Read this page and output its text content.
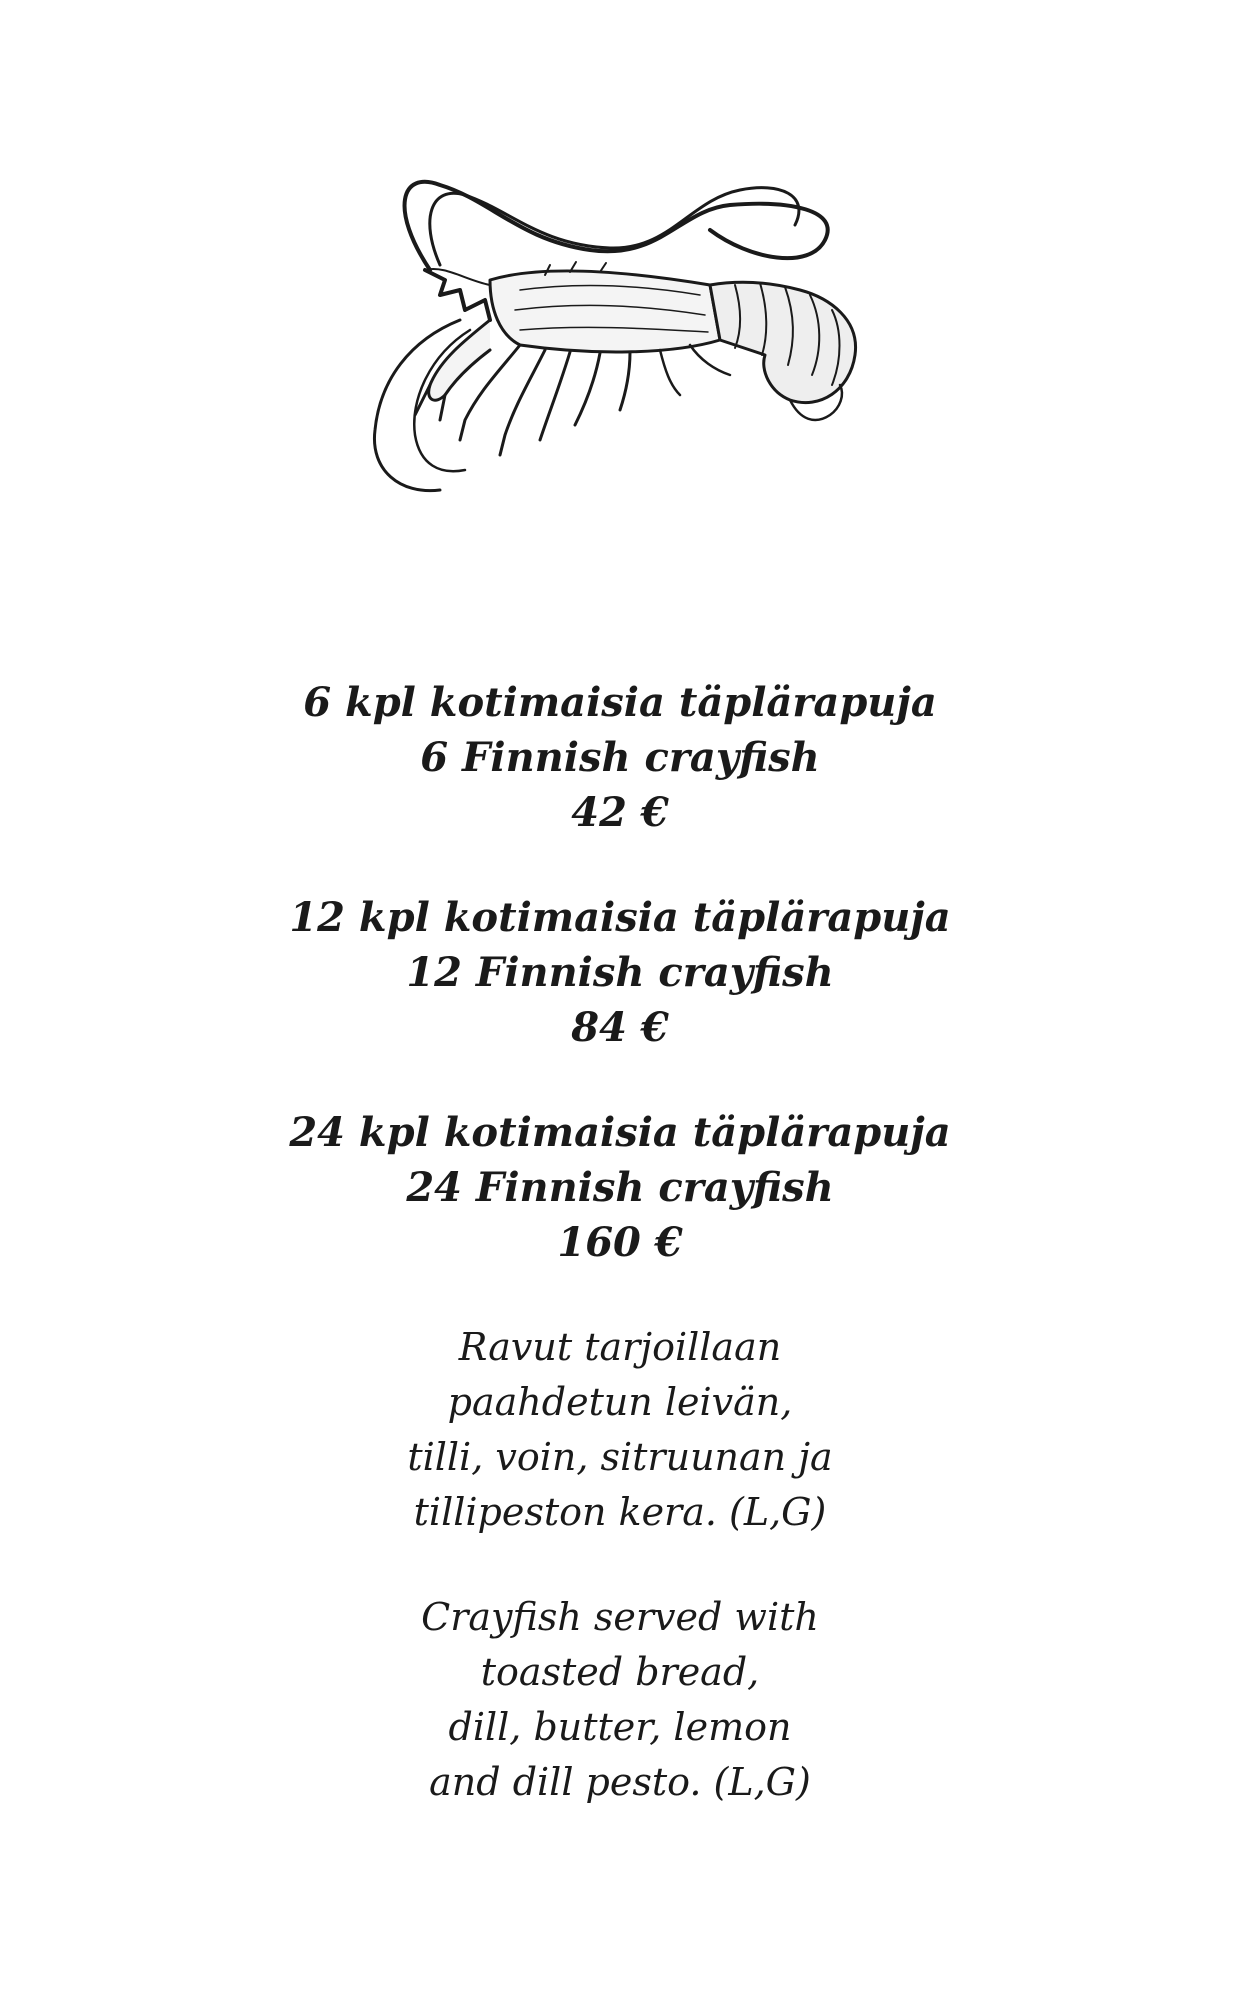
6 kpl kotimaisia täplärapuja
6 Finnish crayfish
42 €
12 kpl kotimaisia täplärapuja
12 Finnish crayfish
84 €
24 kpl kotimaisia täplärapuja
24 Finnish crayfish
160 €
Ravut tarjoillaan
paahdetun leivän,
tilli, voin, sitruunan ja
tillipeston kera. (L,G)
Crayfish served with
toasted bread,
dill, butter, lemon
and dill pesto. (L,G)
